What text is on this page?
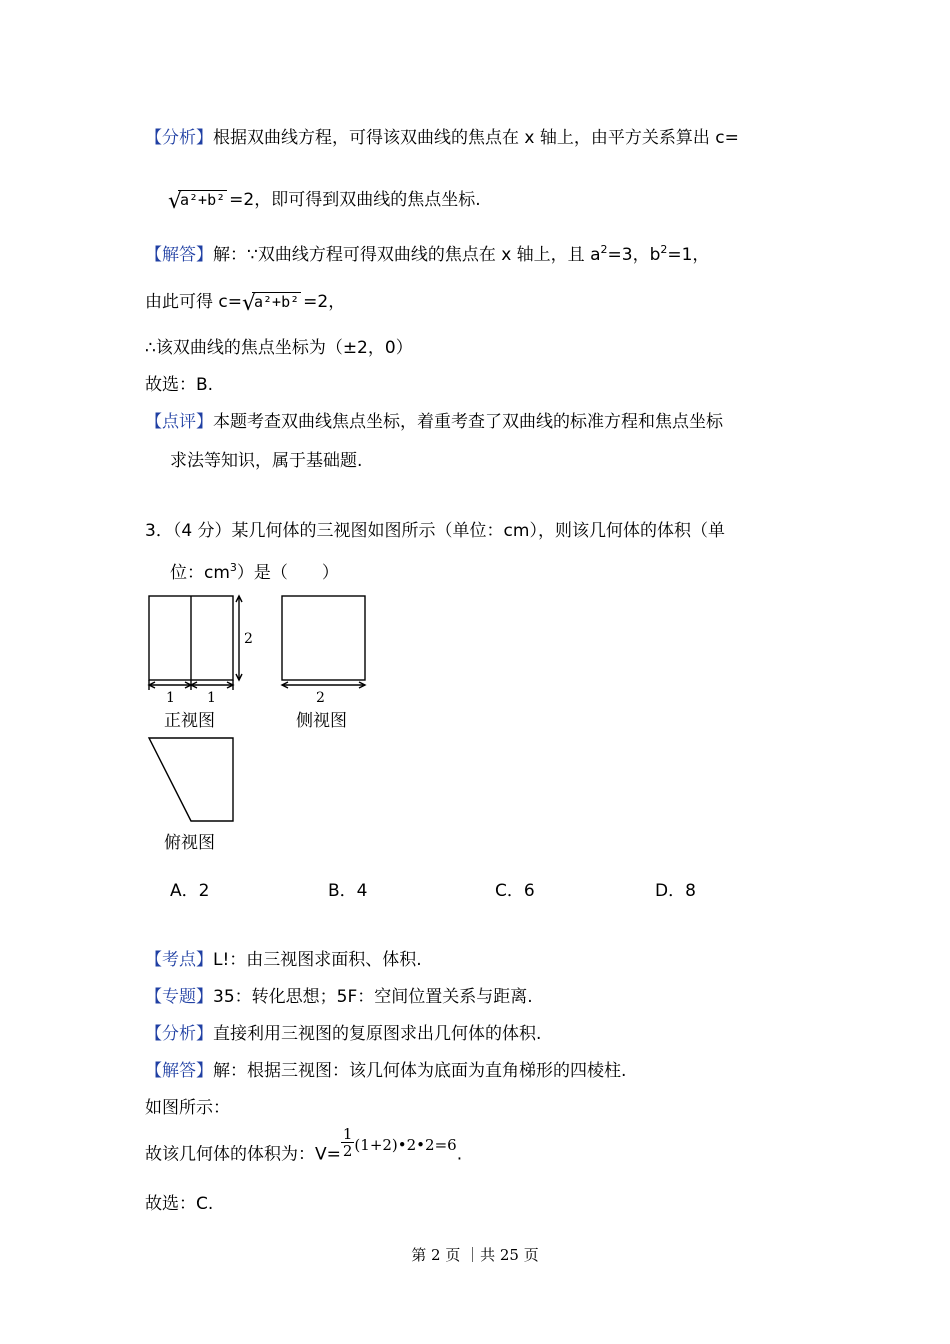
【分析】根据双曲线方程，可得该双曲线的焦点在 x 轴上，由平方关系算出 c=
√
a²+b² =2，即可得到双曲线的焦点坐标.
【解答】解：∵双曲线方程可得双曲线的焦点在 x 轴上，且 $a^2=3$，$b^2=1$，
由此可得 c= √
a²+b² =2，
∴该双曲线的焦点坐标为（±2，0）
故选：B.
【点评】本题考查双曲线焦点坐标，着重考查了双曲线的标准方程和焦点坐标
求法等知识，属于基础题.
3．（4 分）某几何体的三视图如图所示（单位：cm），则该几何体的体积（单
位：$cm^3$）是（　　）
2
1 1	2
正视图	侧视图
俯视图
A．2	B．4	C．6	D．8
【考点】L!：由三视图求面积、体积.
【专题】35：转化思想；5F：空间位置关系与距离.
【分析】直接利用三视图的复原图求出几何体的体积.
【解答】解：根据三视图：该几何体为底面为直角梯形的四棱柱.
如图所示：
故该几何体的体积为：$V= \frac{1}{2}$ (1+2)•2•2=6.
故选：C.
第 2 页 ｜共 25 页
